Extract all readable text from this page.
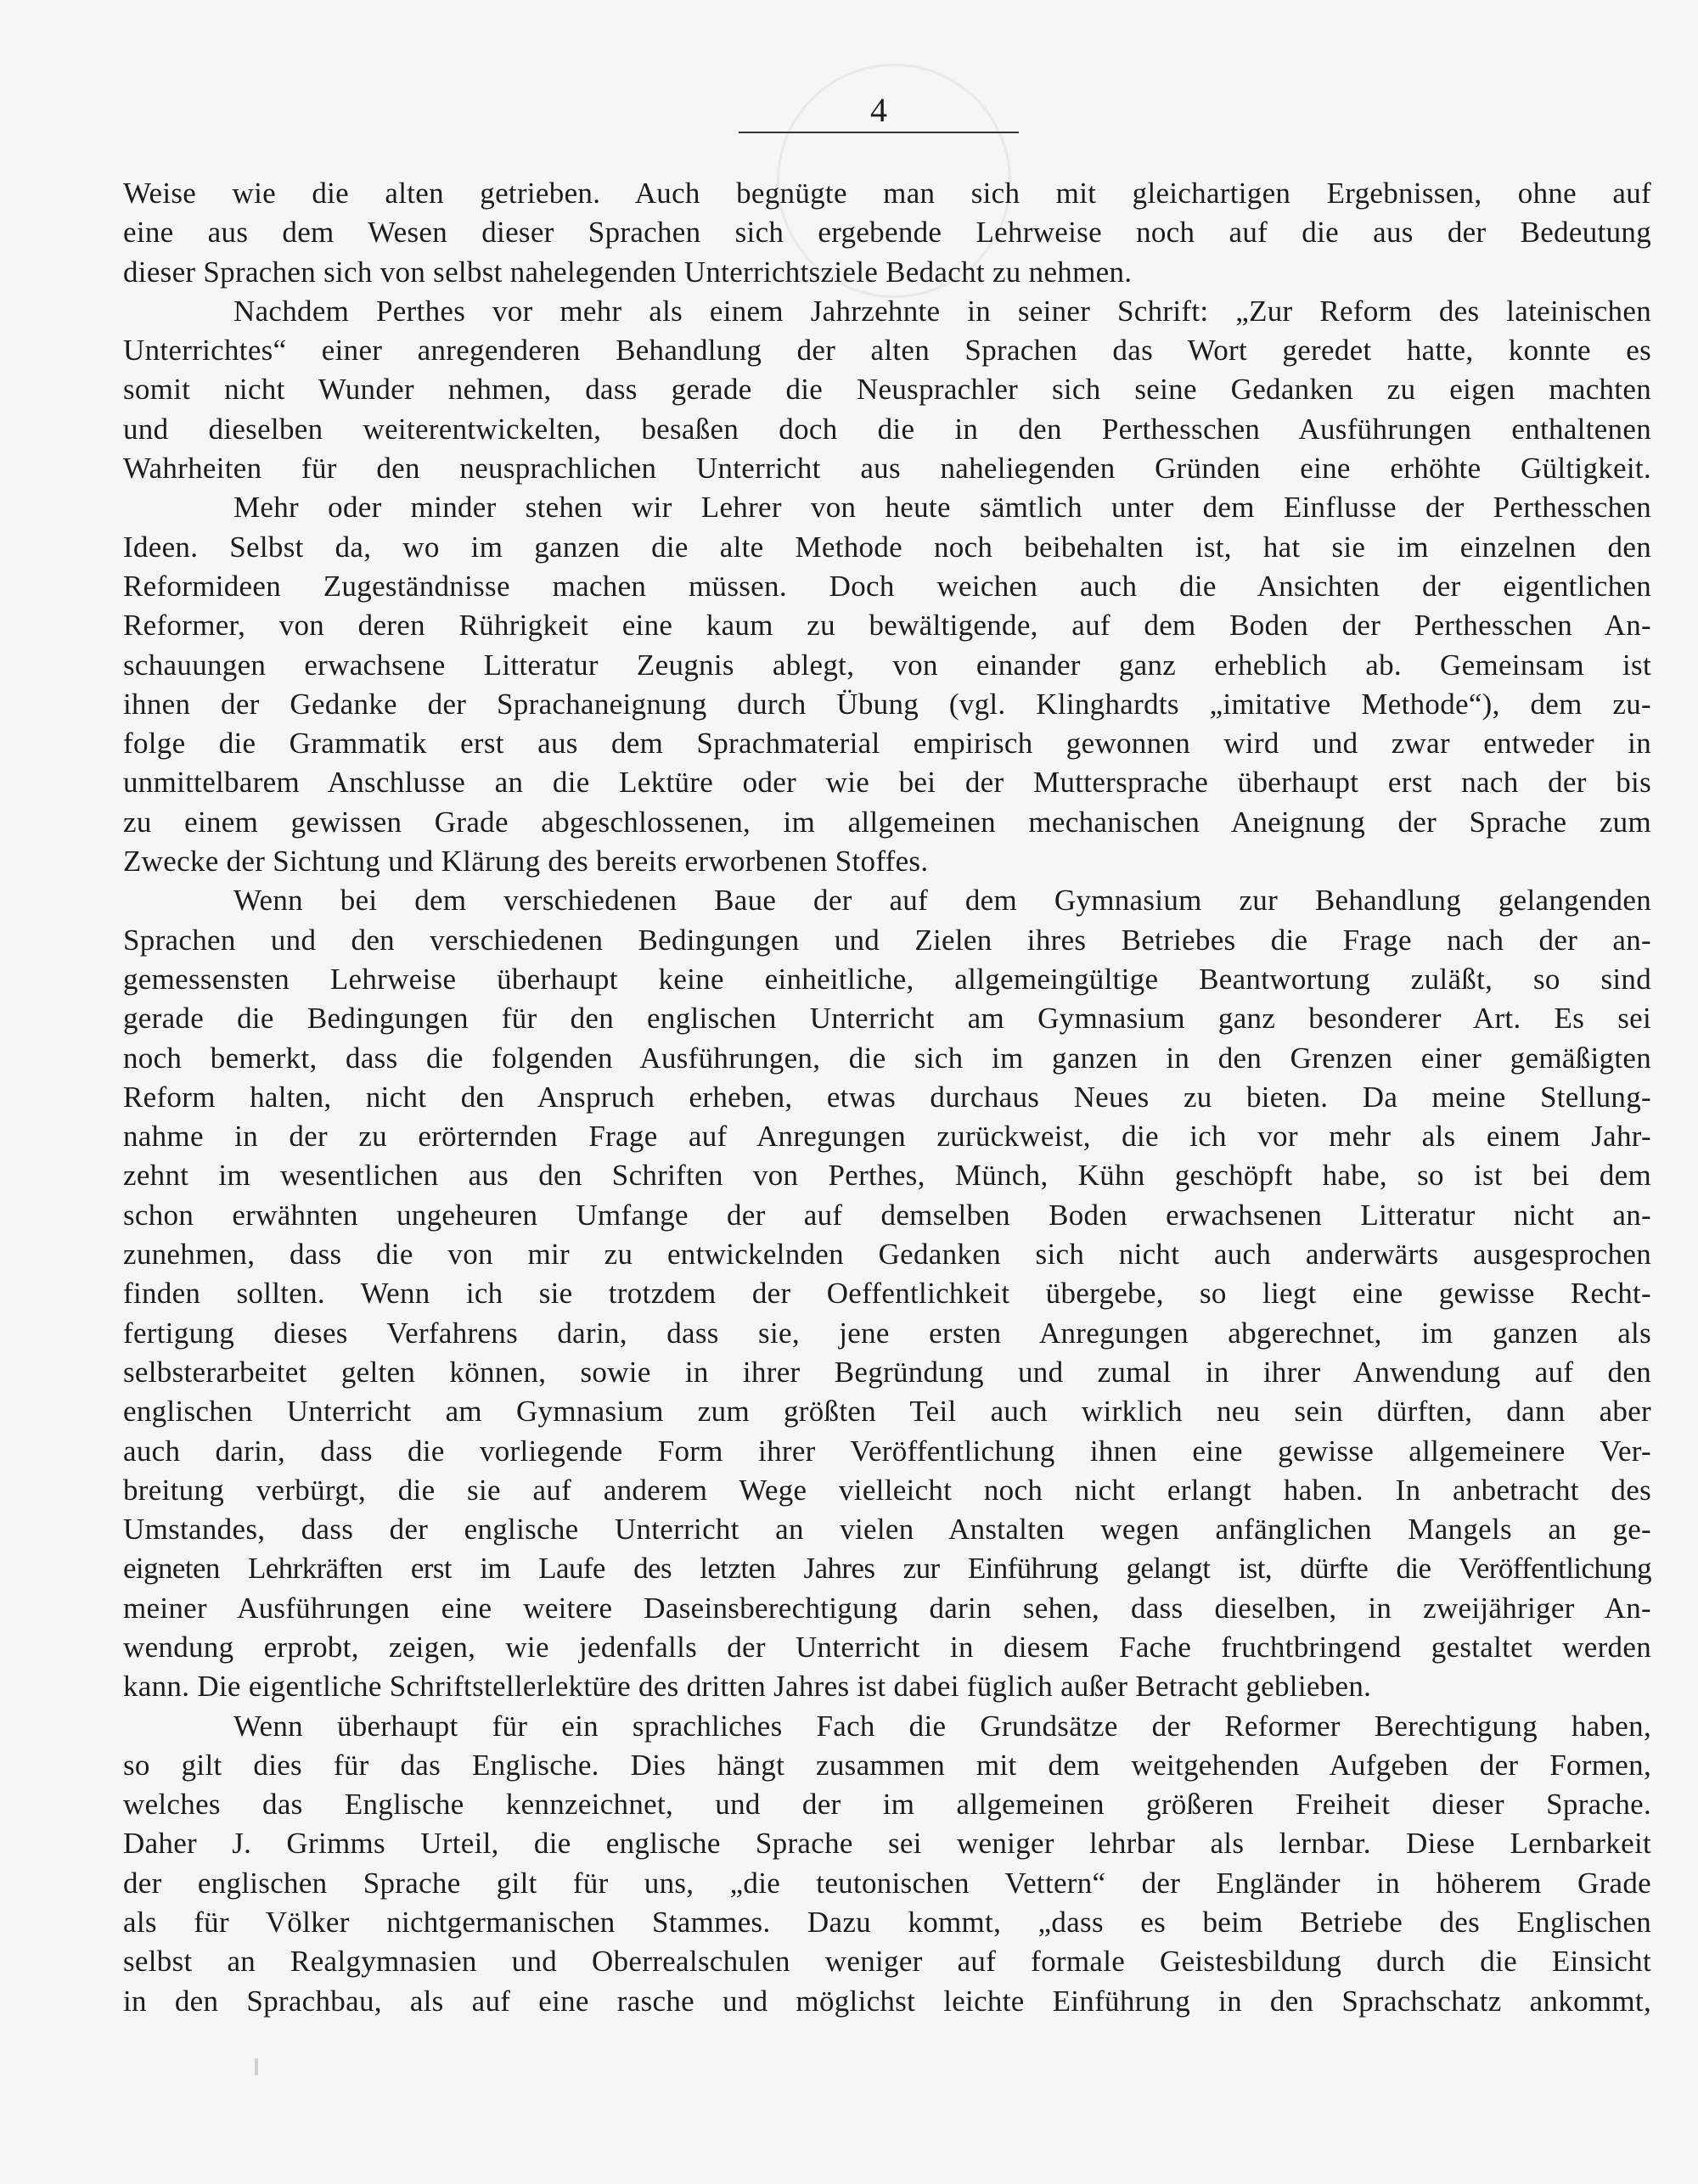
4
Weise wie die alten getrieben. Auch begnügte man sich mit gleichartigen Ergebnissen, ohne auf
eine aus dem Wesen dieser Sprachen sich ergebende Lehrweise noch auf die aus der Bedeutung
dieser Sprachen sich von selbst nahelegenden Unterrichtsziele Bedacht zu nehmen.
Nachdem Perthes vor mehr als einem Jahrzehnte in seiner Schrift: „Zur Reform des lateinischen
Unterrichtes“ einer anregenderen Behandlung der alten Sprachen das Wort geredet hatte, konnte es
somit nicht Wunder nehmen, dass gerade die Neusprachler sich seine Gedanken zu eigen machten
und dieselben weiterentwickelten, besaßen doch die in den Perthesschen Ausführungen enthaltenen
Wahrheiten für den neusprachlichen Unterricht aus naheliegenden Gründen eine erhöhte Gültigkeit.
Mehr oder minder stehen wir Lehrer von heute sämtlich unter dem Einflusse der Perthesschen
Ideen. Selbst da, wo im ganzen die alte Methode noch beibehalten ist, hat sie im einzelnen den
Reformideen Zugeständnisse machen müssen. Doch weichen auch die Ansichten der eigentlichen
Reformer, von deren Rührigkeit eine kaum zu bewältigende, auf dem Boden der Perthesschen An-
schauungen erwachsene Litteratur Zeugnis ablegt, von einander ganz erheblich ab. Gemeinsam ist
ihnen der Gedanke der Sprachaneignung durch Übung (vgl. Klinghardts „imitative Methode“), dem zu-
folge die Grammatik erst aus dem Sprachmaterial empirisch gewonnen wird und zwar entweder in
unmittelbarem Anschlusse an die Lektüre oder wie bei der Muttersprache überhaupt erst nach der bis
zu einem gewissen Grade abgeschlossenen, im allgemeinen mechanischen Aneignung der Sprache zum
Zwecke der Sichtung und Klärung des bereits erworbenen Stoffes.
Wenn bei dem verschiedenen Baue der auf dem Gymnasium zur Behandlung gelangenden
Sprachen und den verschiedenen Bedingungen und Zielen ihres Betriebes die Frage nach der an-
gemessensten Lehrweise überhaupt keine einheitliche, allgemeingültige Beantwortung zuläßt, so sind
gerade die Bedingungen für den englischen Unterricht am Gymnasium ganz besonderer Art. Es sei
noch bemerkt, dass die folgenden Ausführungen, die sich im ganzen in den Grenzen einer gemäßigten
Reform halten, nicht den Anspruch erheben, etwas durchaus Neues zu bieten. Da meine Stellung-
nahme in der zu erörternden Frage auf Anregungen zurückweist, die ich vor mehr als einem Jahr-
zehnt im wesentlichen aus den Schriften von Perthes, Münch, Kühn geschöpft habe, so ist bei dem
schon erwähnten ungeheuren Umfange der auf demselben Boden erwachsenen Litteratur nicht an-
zunehmen, dass die von mir zu entwickelnden Gedanken sich nicht auch anderwärts ausgesprochen
finden sollten. Wenn ich sie trotzdem der Oeffentlichkeit übergebe, so liegt eine gewisse Recht-
fertigung dieses Verfahrens darin, dass sie, jene ersten Anregungen abgerechnet, im ganzen als
selbsterarbeitet gelten können, sowie in ihrer Begründung und zumal in ihrer Anwendung auf den
englischen Unterricht am Gymnasium zum größten Teil auch wirklich neu sein dürften, dann aber
auch darin, dass die vorliegende Form ihrer Veröffentlichung ihnen eine gewisse allgemeinere Ver-
breitung verbürgt, die sie auf anderem Wege vielleicht noch nicht erlangt haben. In anbetracht des
Umstandes, dass der englische Unterricht an vielen Anstalten wegen anfänglichen Mangels an ge-
eigneten Lehrkräften erst im Laufe des letzten Jahres zur Einführung gelangt ist, dürfte die Veröffentlichung
meiner Ausführungen eine weitere Daseinsberechtigung darin sehen, dass dieselben, in zweijähriger An-
wendung erprobt, zeigen, wie jedenfalls der Unterricht in diesem Fache fruchtbringend gestaltet werden
kann. Die eigentliche Schriftstellerlektüre des dritten Jahres ist dabei füglich außer Betracht geblieben.
Wenn überhaupt für ein sprachliches Fach die Grundsätze der Reformer Berechtigung haben,
so gilt dies für das Englische. Dies hängt zusammen mit dem weitgehenden Aufgeben der Formen,
welches das Englische kennzeichnet, und der im allgemeinen größeren Freiheit dieser Sprache.
Daher J. Grimms Urteil, die englische Sprache sei weniger lehrbar als lernbar. Diese Lernbarkeit
der englischen Sprache gilt für uns, „die teutonischen Vettern“ der Engländer in höherem Grade
als für Völker nichtgermanischen Stammes. Dazu kommt, „dass es beim Betriebe des Englischen
selbst an Realgymnasien und Oberrealschulen weniger auf formale Geistesbildung durch die Einsicht
in den Sprachbau, als auf eine rasche und möglichst leichte Einführung in den Sprachschatz ankommt,
